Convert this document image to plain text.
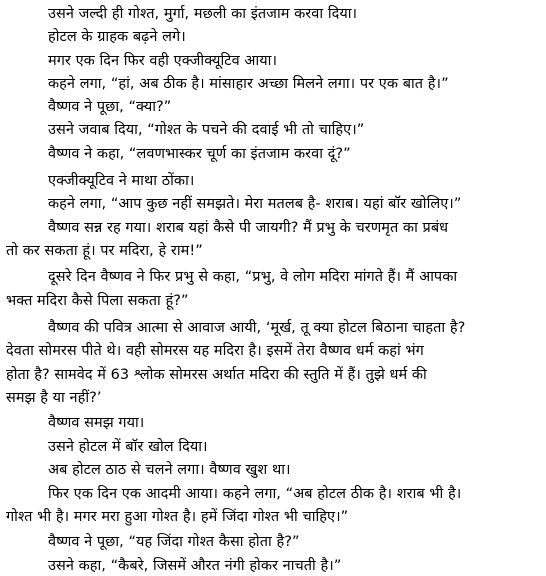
उसने जल्दी ही गोश्त, मुर्गा, मछली का इंतजाम करवा दिया।
होटल के ग्राहक बढ़ने लगे।
मगर एक दिन फिर वही एक्जीक्यूटिव आया।
कहने लगा, “हां, अब ठीक है। मांसाहार अच्छा मिलने लगा। पर एक बात है।”
वैष्णव ने पूछा, “क्या?”
उसने जवाब दिया, “गोश्त के पचने की दवाई भी तो चाहिए।”
वैष्णव ने कहा, “लवणभास्कर चूर्ण का इंतजाम करवा दूं?”
एक्जीक्यूटिव ने माथा ठोंका।
कहने लगा, “आप कुछ नहीं समझते। मेरा मतलब है- शराब। यहां बॉर खोलिए।”
वैष्णव सन्न रह गया। शराब यहां कैसे पी जायगी? मैं प्रभु के चरणमृत का प्रबंध
तो कर सकता हूं। पर मदिरा, हे राम!”
दूसरे दिन वैष्णव ने फिर प्रभु से कहा, “प्रभु, वे लोग मदिरा मांगते हैं। मैं आपका
भक्त मदिरा कैसे पिला सकता हूं?”
वैष्णव की पवित्र आत्मा से आवाज आयी, ‘मूर्ख, तू क्या होटल बिठाना चाहता है?
देवता सोमरस पीते थे। वही सोमरस यह मदिरा है। इसमें तेरा वैष्णव धर्म कहां भंग
होता है? सामवेद में 63 श्लोक सोमरस अर्थात मदिरा की स्तुति में हैं। तुझे धर्म की
समझ है या नहीं?’
वैष्णव समझ गया।
उसने होटल में बॉर खोल दिया।
अब होटल ठाठ से चलने लगा। वैष्णव खुश था।
फिर एक दिन एक आदमी आया। कहने लगा, “अब होटल ठीक है। शराब भी है।
गोश्त भी है। मगर मरा हुआ गोश्त है। हमें जिंदा गोश्त भी चाहिए।”
वैष्णव ने पूछा, “यह जिंदा गोश्त कैसा होता है?”
उसने कहा, “कैबरे, जिसमें औरत नंगी होकर नाचती है।”
